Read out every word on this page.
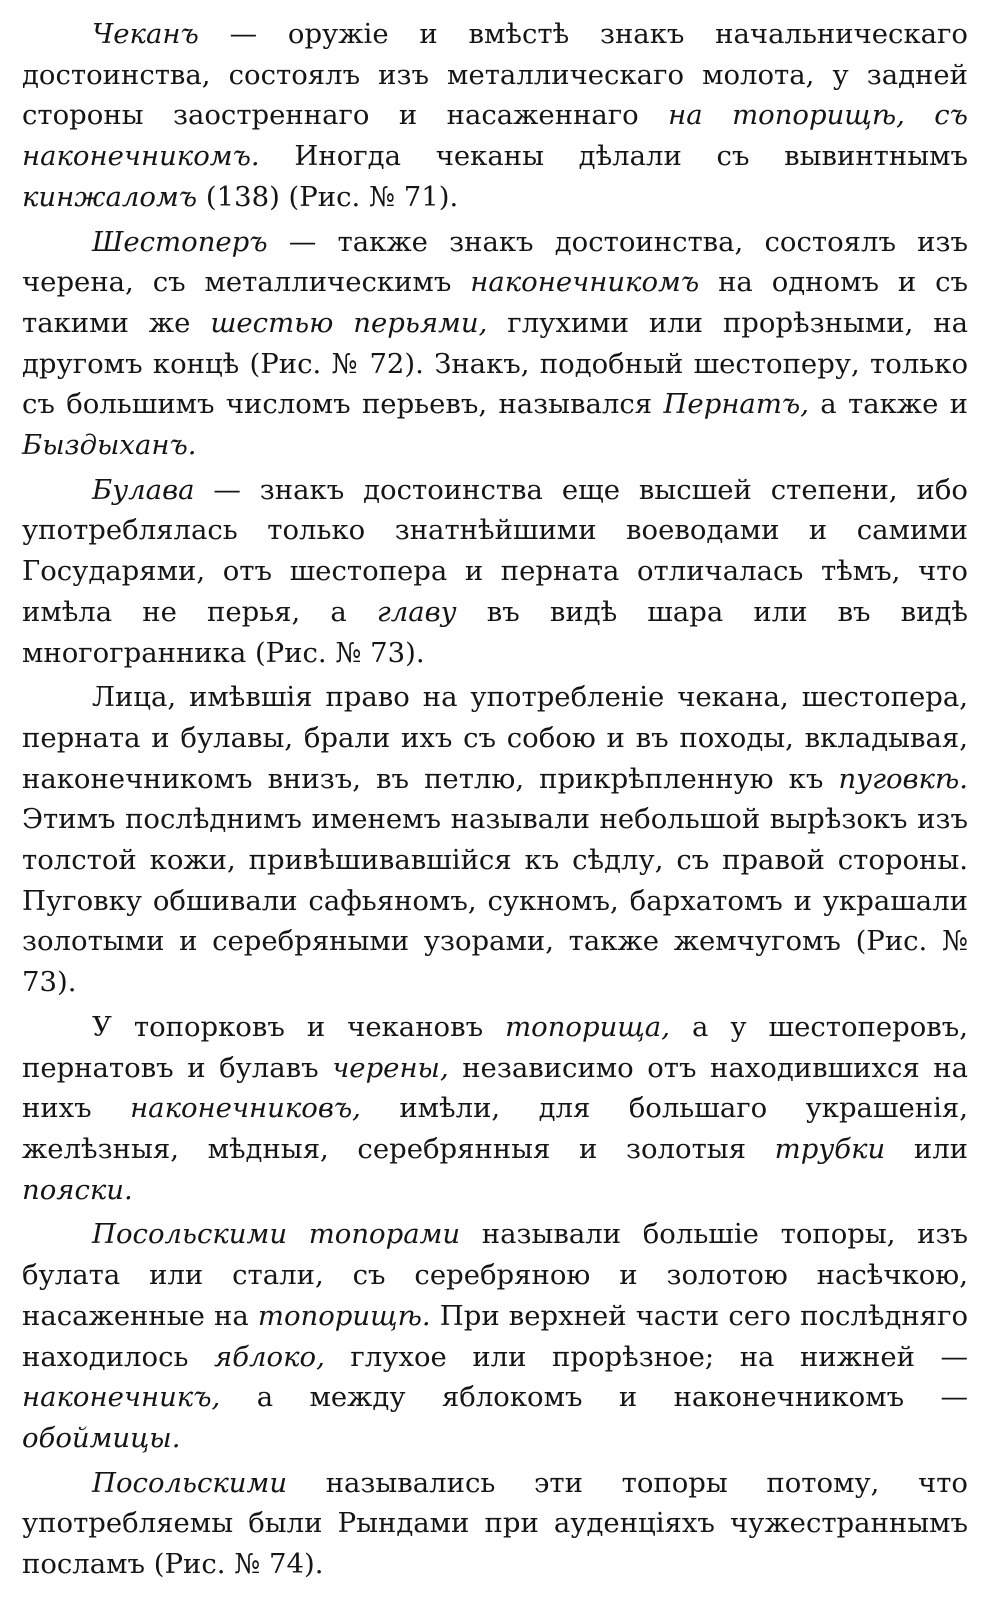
Чеканъ — оружіе и вмѣстѣ знакъ начальническаго достоинства, состоялъ изъ металлическаго молота, у задней стороны заостреннаго и насаженнаго на топорищѣ, съ наконечникомъ. Иногда чеканы дѣлали съ вывинтнымъ кинжаломъ (138) (Рис. № 71).

Шестоперъ — также знакъ достоинства, состоялъ изъ черена, съ металлическимъ наконечникомъ на одномъ и съ такими же шестью перьями, глухими или прорѣзными, на другомъ концѣ (Рис. № 72). Знакъ, подобный шестоперу, только съ большимъ числомъ перьевъ, назывался Пернатъ, а также и Быздыханъ.

Булава — знакъ достоинства еще высшей степени, ибо употреблялась только знатнѣйшими воеводами и самими Государями, отъ шестопера и перната отличалась тѣмъ, что имѣла не перья, а главу въ видѣ шара или въ видѣ многогранника (Рис. № 73).

Лица, имѣвшія право на употребленіе чекана, шестопера, перната и булавы, брали ихъ съ собою и въ походы, вкладывая, наконечникомъ внизъ, въ петлю, прикрѣпленную къ пуговкѣ. Этимъ послѣднимъ именемъ называли небольшой вырѣзокъ изъ толстой кожи, привѣшивавшійся къ сѣдлу, съ правой стороны. Пуговку обшивали сафьяномъ, сукномъ, бархатомъ и украшали золотыми и серебряными узорами, также жемчугомъ (Рис. № 73).

У топорковъ и чекановъ топорища, а у шестоперовъ, пернатовъ и булавъ черены, независимо отъ находившихся на нихъ наконечниковъ, имѣли, для большаго украшенія, желѣзныя, мѣдныя, серебрянныя и золотыя трубки или пояски.

Посольскими топорами называли большіе топоры, изъ булата или стали, съ серебряною и золотою насѣчкою, насаженные на топорищѣ. При верхней части сего послѣдняго находилось яблоко, глухое или прорѣзное; на нижней — наконечникъ, а между яблокомъ и наконечникомъ — обоймицы.

Посольскими назывались эти топоры потому, что употребляемы были Рындами при ауденціяхъ чужестраннымъ посламъ (Рис. № 74).
